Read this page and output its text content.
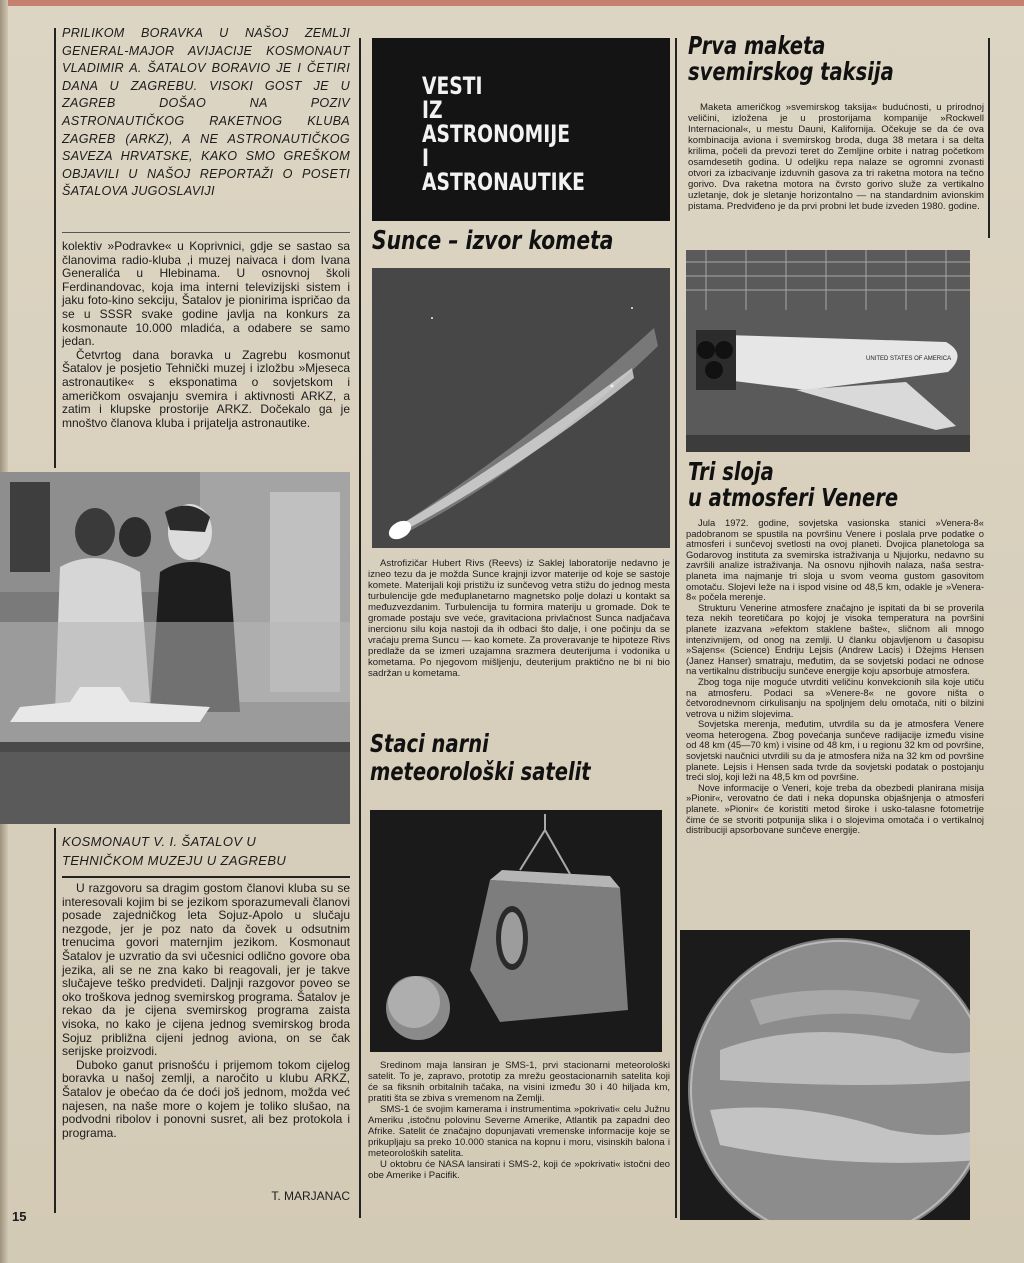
PRILIKOM BORAVKA U NAŠOJ ZEMLJI GENERAL-MAJOR AVIJACIJE KOSMONAUT VLADIMIR A. ŠATALOV BORAVIO JE I ČETIRI DANA U ZAGREBU. VISOKI GOST JE U ZAGREB DOŠAO NA POZIV ASTRONAUTIČKOG RAKETNOG KLUBA ZAGREB (ARKZ), A NE ASTRONAUTIČKOG SAVEZA HRVATSKE, KAKO SMO GREŠKOM OBJAVILI U NAŠOJ REPORTAŽI O POSETI ŠATALOVA JUGOSLAVIJI

kolektiv »Podravke« u Koprivnici, gdje se sastao sa članovima radio-kluba ,i muzej naivaca i dom Ivana Generalića u Hlebinama. U osnovnoj školi Ferdinandovac, koja ima interni televizijski sistem i jaku foto-kino sekciju, Šatalov je pionirima ispričao da se u SSSR svake godine javlja na konkurs za kosmonaute 10.000 mladića, a odabere se samo jedan.

Četvrtog dana boravka u Zagrebu kosmonut Šatalov je posjetio Tehnički muzej i izložbu »Mjeseca astronautike« s eksponatima o sovjetskom i američkom osvajanju svemira i aktivnosti ARKZ, a zatim i klupske prostorije ARKZ. Dočekalo ga je mnoštvo članova kluba i prijatelja astronautike.

KOSMONAUT V. I. ŠATALOV U TEHNIČKOM MUZEJU U ZAGREBU

U razgovoru sa dragim gostom članovi kluba su se interesovali kojim bi se jezikom sporazumevali članovi posade zajedničkog leta Sojuz-Apolo u slučaju nezgode, jer je poz nato da čovek u odsutnim trenucima govori maternjim jezikom. Kosmonaut Šatalov je uzvratio da svi učesnici odlično govore oba jezika, ali se ne zna kako bi reagovali, jer je takve slučajeve teško predvideti. Daljnji razgovor poveo se oko troškova jednog svemirskog programa. Šatalov je rekao da je cijena svemirskog programa zaista visoka, no kako je cijena jednog svemirskog broda Sojuz približna cijeni jednog aviona, on se čak serijske proizvodi.

Duboko ganut prisnošću i prijemom tokom cijelog boravka u našoj zemlji, a naročito u klubu ARKZ, Šatalov je obećao da će doći još jednom, možda već najesen, na naše more o kojem je toliko slušao, na podvodni ribolov i ponovni susret, ali bez protokola i programa.

T. MARJANAC
15
VESTI
IZ
ASTRONOMIJE
I
ASTRONAUTIKE
Sunce – izvor kometa

Astrofizičar Hubert Rivs (Reevs) iz Saklej laboratorije nedavno je izneo tezu da je možda Sunce krajnji izvor materije od koje se sastoje komete. Materijali koji pristižu iz sunčevog vetra stižu do jednog mesta turbulencije gde međuplanetarno magnetsko polje dolazi u kontakt sa međuzvezdanim. Turbulencija tu formira materiju u gromade. Dok te gromade postaju sve veće, gravitaciona privlačnost Sunca nadjačava inercionu silu koja nastoji da ih odbaci što dalje, i one počinju da se vraćaju prema Suncu — kao komete. Za proveravanje te hipoteze Rivs predlaže da se izmeri uzajamna srazmera deuterijuma i vodonika u kometama. Po njegovom mišljenju, deuterijum praktično ne bi ni bio sadržan u kometama.

Staci narni
meteorološki satelit

Sredinom maja lansiran je SMS-1, prvi stacionarni meteorološki satelit. To je, zapravo, prototip za mrežu geostacionarnih satelita koji će sa fiksnih orbitalnih tačaka, na visini između 30 i 40 hiljada km, pratiti šta se zbiva s vremenom na Zemlji.

SMS-1 će svojim kamerama i instrumentima »pokrivati« celu Južnu Ameriku ,istočnu polovinu Severne Amerike, Atlantik pa zapadni deo Afrike. Satelit će značajno dopunjavati vremenske informacije koje se prikupljaju sa preko 10.000 stanica na kopnu i moru, visinskih balona i meteoroloških satelita.

U oktobru će NASA lansirati i SMS-2, koji će »pokrivati« istočni deo obe Amerike i Pacifik.

Prva maketa
svemirskog taksija

Maketa američkog »svemirskog taksija« budućnosti, u prirodnoj veličini, izložena je u prostorijama kompanije »Rockwell Internacional«, u mestu Dauni, Kalifornija. Očekuje se da će ova kombinacija aviona i svemirskog broda, duga 38 metara i sa delta krilima, počeli da prevozi teret do Zemljine orbite i natrag početkom osamdesetih godina. U odeljku repa nalaze se ogromni zvonasti otvori za izbacivanje izduvnih gasova za tri raketna motora na tečno gorivo. Dva raketna motora na čvrsto gorivo služe za vertikalno uzletanje, dok je sletanje horizontalno — na standardnim avionskim pistama. Predviđeno je da prvi probni let bude izveden 1980. godine.

UNITED STATES OF AMERICA
Tri sloja
u atmosferi Venere

Jula 1972. godine, sovjetska vasionska stanici »Venera-8« padobranom se spustila na površinu Venere i poslala prve podatke o atmosferi i sunčevoj svetlosti na ovoj planeti. Dvojica planetologa sa Godarovog instituta za svemirska istraživanja u Njujorku, nedavno su završili analize istraživanja. Na osnovu njihovih nalaza, naša sestra-planeta ima najmanje tri sloja u svom veoma gustom gasovitom omotaču. Slojevi leže na i ispod visine od 48,5 km, odakle je »Venera-8« počela merenje.

Strukturu Venerine atmosfere značajno je ispitati da bi se proverila teza nekih teoretičara po kojoj je visoka temperatura na površini planete izazvana »efektom staklene bašte«, sličnom ali mnogo intenzivnijem, od onog na zemlji. U članku objavljenom u časopisu »Sajens« (Science) Endriju Lejsis (Andrew Lacis) i Džejms Hensen (Janez Hanser) smatraju, međutim, da se sovjetski podaci ne odnose na vertikalnu distribuciju sunčeve energije koju apsorbuje atmosfera.

Zbog toga nije moguće utvrditi veličinu konvekcionih sila koje utiču na atmosferu. Podaci sa »Venere-8« ne govore ništa o četvorodnevnom cirkulisanju na spoljnjem delu omotača, niti o bilzini vetrova u nižim slojevima.

Sovjetska merenja, međutim, utvrdila su da je atmosfera Venere veoma heterogena. Zbog povećanja sunčeve radijacije između visine od 48 km (45—70 km) i visine od 48 km, i u regionu 32 km od površine, sovjetski naučnici utvrdili su da je atmosfera niža na 32 km od površine planete. Lejsis i Hensen sada tvrde da sovjetski podatak o postojanju treći sloj, koji leži na 48,5 km od površine.

Nove informacije o Veneri, koje treba da obezbedi planirana misija »Pionir«, verovatno će dati i neka dopunska objašnjenja o atmosferi planete. »Pionir« će koristiti metod široke i usko-talasne fotometrije čime će se stvoriti potpunija slika i o slojevima omotača i o vertikalnoj distribuciji apsorbovane sunčeve energije.
